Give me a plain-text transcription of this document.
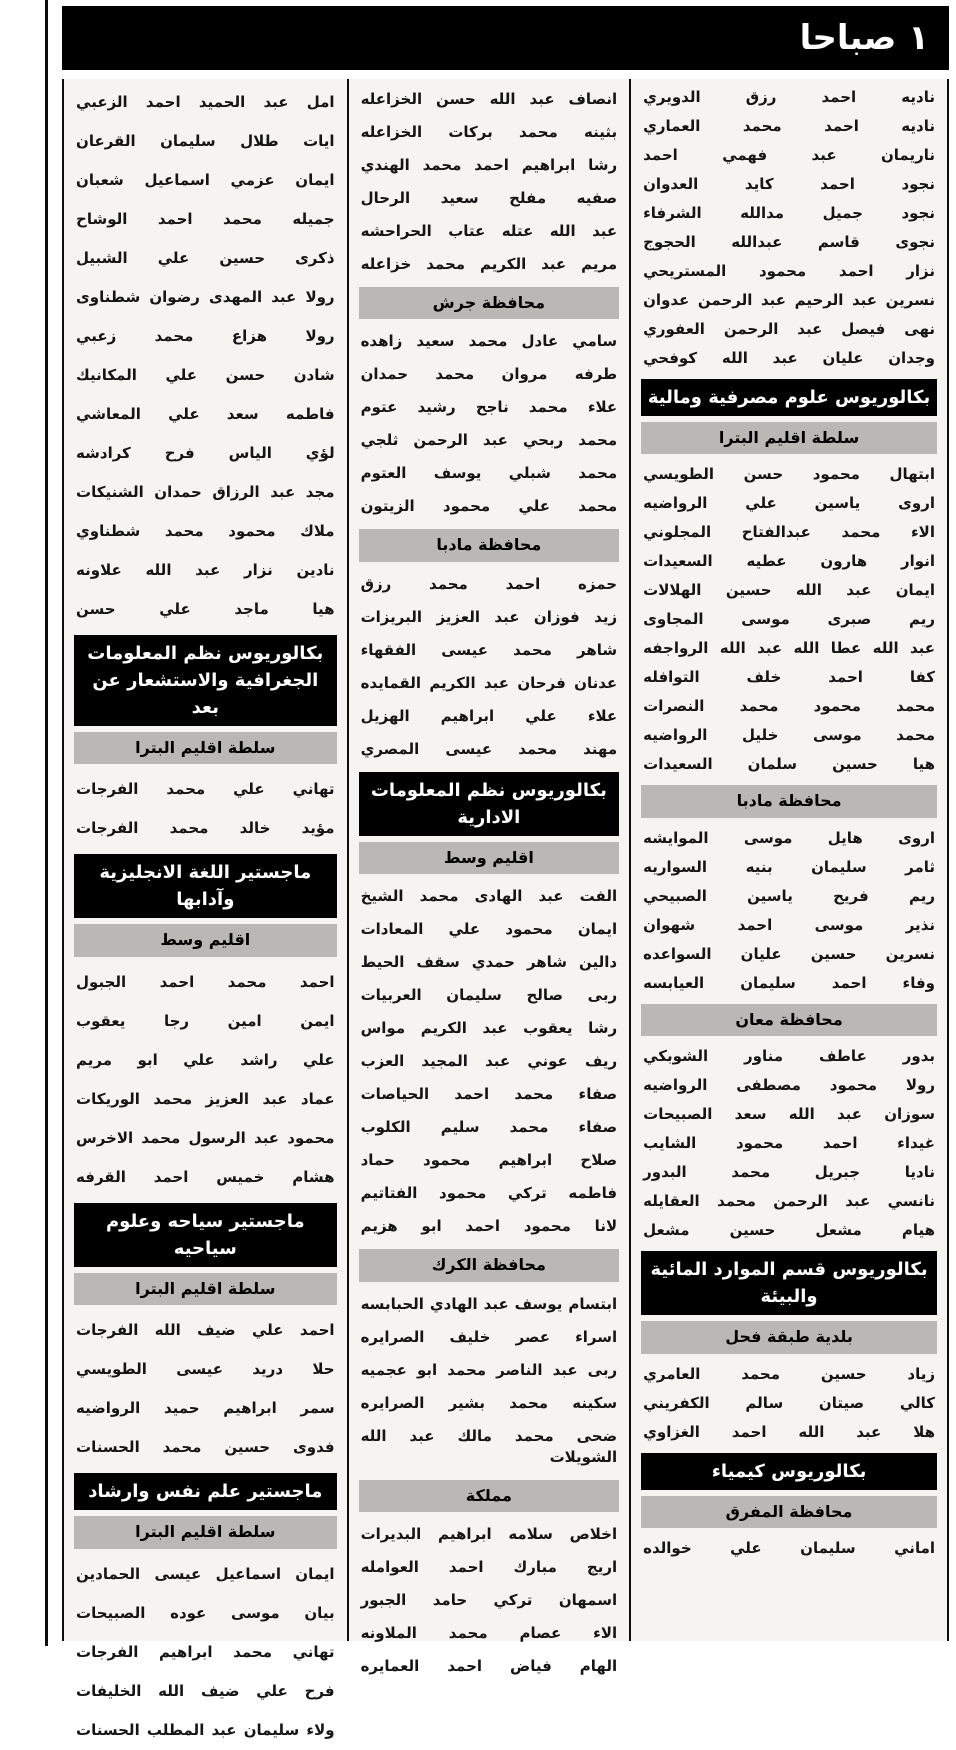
١ صباحا
ناديه احمد رزق الدويري
ناديه احمد محمد العماري
ناريمان عبد فهمي احمد
نجود احمد كايد العدوان
نجود جميل مدالله الشرفاء
نجوى قاسم عبدالله الحجوج
نزار احمد محمود المستريحي
نسرين عبد الرحيم عبد الرحمن عدوان
نهى فيصل عبد الرحمن العفوري
وجدان عليان عبد الله كوفحي
بكالوريوس علوم مصرفية ومالية
سلطة اقليم البترا
ابتهال محمود حسن الطويسي
اروى ياسين علي الرواضيه
الاء محمد عبدالفتاح المجلوني
انوار هارون عطيه السعيدات
ايمان عبد الله حسين الهلالات
ريم صبرى موسى المجاوى
عبد الله عطا الله عبد الله الرواجفه
كفا احمد خلف التوافله
محمد محمود محمد النصرات
محمد موسى خليل الرواضيه
هيا حسين سلمان السعيدات
محافظة مادبا
اروى هايل موسى الموايشه
ثامر سليمان بنيه السواريه
ريم فريح ياسين الصبيحي
نذير موسى احمد شهوان
نسرين حسين عليان السواعده
وفاء احمد سليمان العيابسه
محافظة معان
بدور عاطف مناور الشوبكي
رولا محمود مصطفى الرواضيه
سوزان عبد الله سعد الصبيحات
غيداء احمد محمود الشايب
ناديا جبريل محمد البدور
نانسي عبد الرحمن محمد العقايله
هيام مشعل حسين مشعل
بكالوريوس قسم الموارد المائية والبيئة
بلدية طبقة فحل
زياد حسين محمد العامري
كالي صيتان سالم الكفريني
هلا عبد الله احمد الغزاوي
بكالوريوس كيمياء
محافظة المفرق
اماني سليمان علي خوالده
انصاف عبد الله حسن الخزاعله
بثينه محمد بركات الخزاعله
رشا ابراهيم احمد محمد الهندي
صفيه مفلح سعيد الرحال
عبد الله عتله عتاب الحراحشه
مريم عبد الكريم محمد خزاعله
محافظة جرش
سامي عادل محمد سعيد زاهده
طرفه مروان محمد حمدان
علاء محمد ناجح رشيد عتوم
محمد ربحي عبد الرحمن ثلجي
محمد شبلي يوسف العتوم
محمد علي محمود الزيتون
محافظة مادبا
حمزه احمد محمد رزق
زيد فوزان عبد العزيز البريزات
شاهر محمد عيسى الفقهاء
عدنان فرحان عبد الكريم القمايده
علاء علي ابراهيم الهزيل
مهند محمد عيسى المصري
بكالوريوس نظم المعلومات الادارية
اقليم وسط
الفت عبد الهادى محمد الشيخ
ايمان محمود علي المعادات
دالين شاهر حمدي سقف الحيط
ربى صالح سليمان العربيات
رشا يعقوب عبد الكريم مواس
ريف عوني عبد المجيد العزب
صفاء محمد احمد الحياصات
صفاء محمد سليم الكلوب
صلاح ابراهيم محمود حماد
فاطمه تركي محمود الفتاتيم
لانا محمود احمد ابو هزيم
محافظة الكرك
ابتسام يوسف عبد الهادي الحبابسه
اسراء عصر خليف الصرايره
ربى عبد الناصر محمد ابو عجميه
سكينه محمد بشير الصرايره
ضحى محمد مالك عبد الله الشويلات
مملكة
اخلاص سلامه ابراهيم البديرات
اريج مبارك احمد العوامله
اسمهان تركي حامد الجبور
الاء عصام محمد الملاونه
الهام فياض احمد العمايره
امل عبد الحميد احمد الزعبي
ايات طلال سليمان القرعان
ايمان عزمي اسماعيل شعبان
جميله محمد احمد الوشاح
ذكرى حسين علي الشبيل
رولا عبد المهدى رضوان شطناوى
رولا هزاع محمد زعبي
شادن حسن علي المكانيك
فاطمه سعد علي المعاشي
لؤي الياس فرح كرادشه
مجد عبد الرزاق حمدان الشنيكات
ملاك محمود محمد شطناوي
نادين نزار عبد الله علاونه
هيا ماجد علي حسن
بكالوريوس نظم المعلومات الجغرافية والاستشعار عن بعد
سلطة اقليم البترا
تهاني علي محمد الفرجات
مؤيد خالد محمد الفرجات
ماجستير اللغة الانجليزية وآدابها
اقليم وسط
احمد محمد احمد الجبول
ايمن امين رجا يعقوب
علي راشد علي ابو مريم
عماد عبد العزيز محمد الوريكات
محمود عبد الرسول محمد الاخرس
هشام خميس احمد القرفه
ماجستير سياحه وعلوم سياحيه
سلطة اقليم البترا
احمد علي ضيف الله الفرجات
حلا دريد عيسى الطويسي
سمر ابراهيم حميد الرواضيه
فدوى حسين محمد الحسنات
ماجستير علم نفس وارشاد
سلطة اقليم البترا
ايمان اسماعيل عيسى الحمادين
بيان موسى عوده الصبيحات
تهاني محمد ابراهيم الفرجات
فرح علي ضيف الله الخليفات
ولاء سليمان عبد المطلب الحسنات
